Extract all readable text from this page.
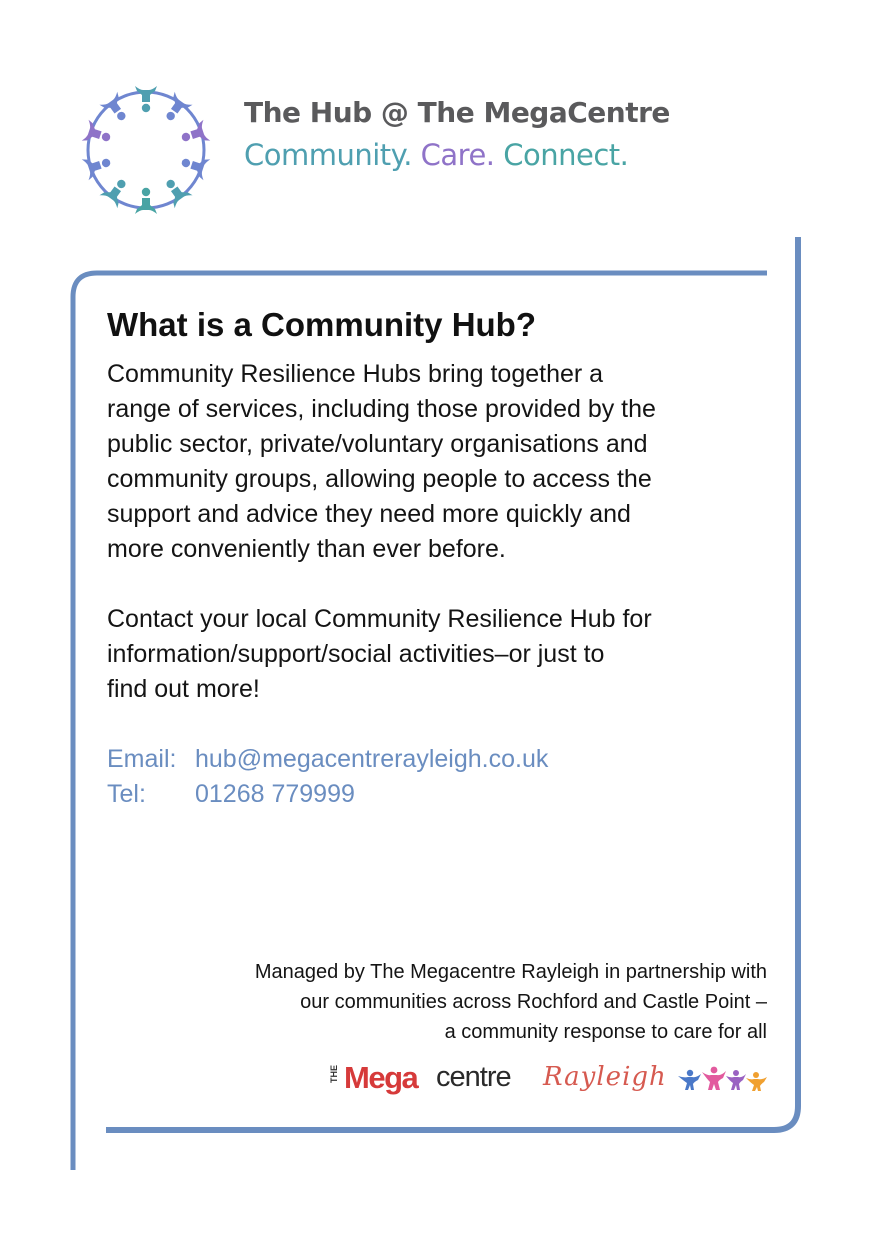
The Hub @ The MegaCentre
Community. Care. Connect.
What is a Community Hub?
Community Resilience Hubs bring together a
range of services, including those provided by the
public sector, private/voluntary organisations and
community groups, allowing people to access the
support and advice they need more quickly and
more conveniently than ever before.
Contact your local Community Resilience Hub for
information/support/social activities–or just to
find out more!
Email: hub@megacentrerayleigh.co.uk
Tel: 01268 779999
Managed by The Megacentre Rayleigh in partnership with
our communities across Rochford and Castle Point –
a community response to care for all
THE Mega centre Rayleigh
